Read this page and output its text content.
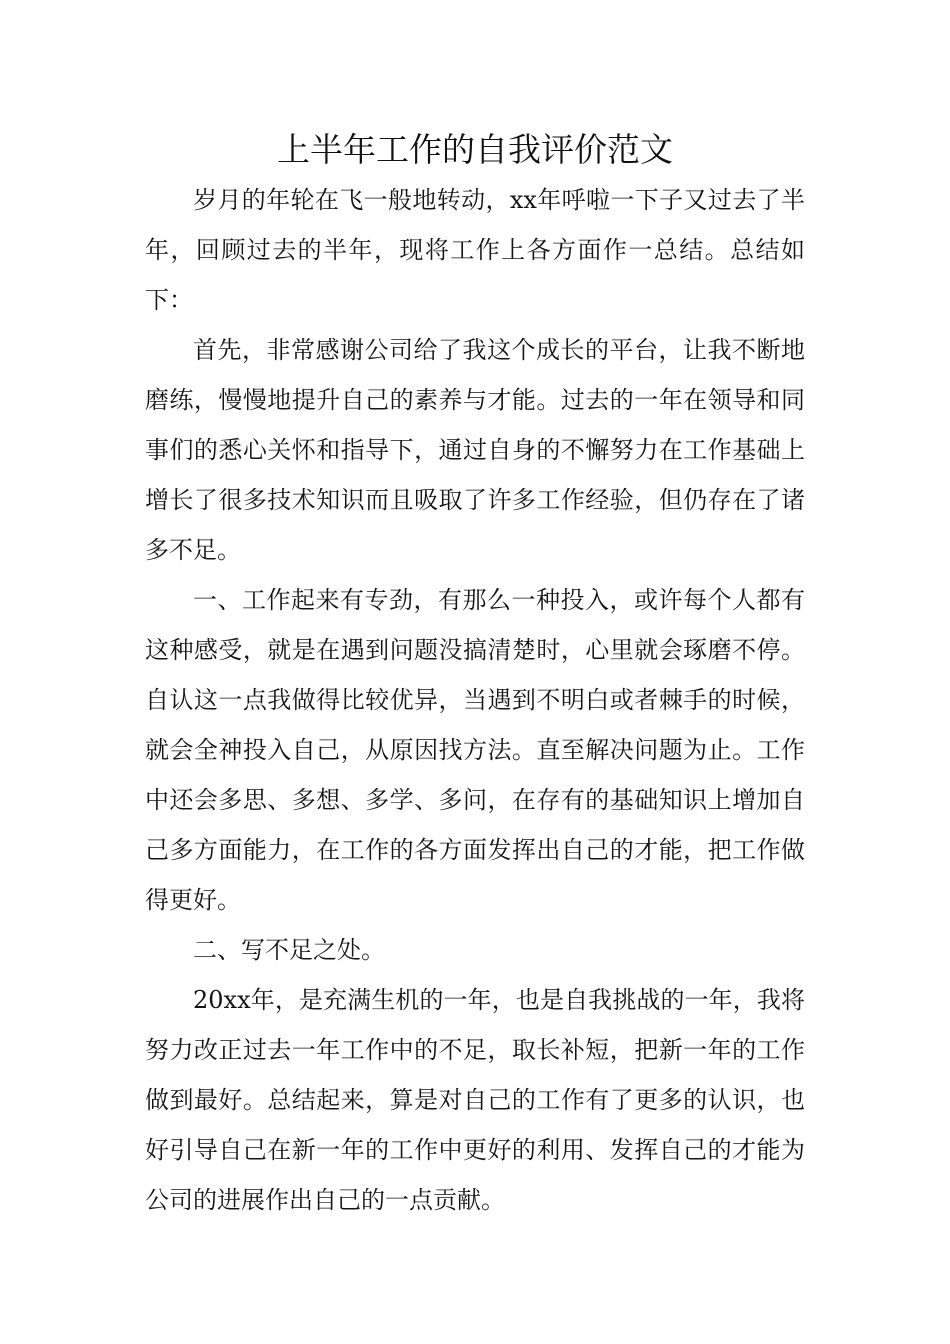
上半年工作的自我评价范文

岁月的年轮在飞一般地转动，xx年呼啦一下子又过去了半年，回顾过去的半年，现将工作上各方面作一总结。总结如下：

首先，非常感谢公司给了我这个成长的平台，让我不断地磨练，慢慢地提升自己的素养与才能。过去的一年在领导和同事们的悉心关怀和指导下，通过自身的不懈努力在工作基础上增长了很多技术知识而且吸取了许多工作经验，但仍存在了诸多不足。

一、工作起来有专劲，有那么一种投入，或许每个人都有这种感受，就是在遇到问题没搞清楚时，心里就会琢磨不停。自认这一点我做得比较优异，当遇到不明白或者棘手的时候，就会全神投入自己，从原因找方法。直至解决问题为止。工作中还会多思、多想、多学、多问，在存有的基础知识上增加自己多方面能力，在工作的各方面发挥出自己的才能，把工作做得更好。

二、写不足之处。

20xx年，是充满生机的一年，也是自我挑战的一年，我将努力改正过去一年工作中的不足，取长补短，把新一年的工作做到最好。总结起来，算是对自己的工作有了更多的认识，也好引导自己在新一年的工作中更好的利用、发挥自己的才能为公司的进展作出自己的一点贡献。
